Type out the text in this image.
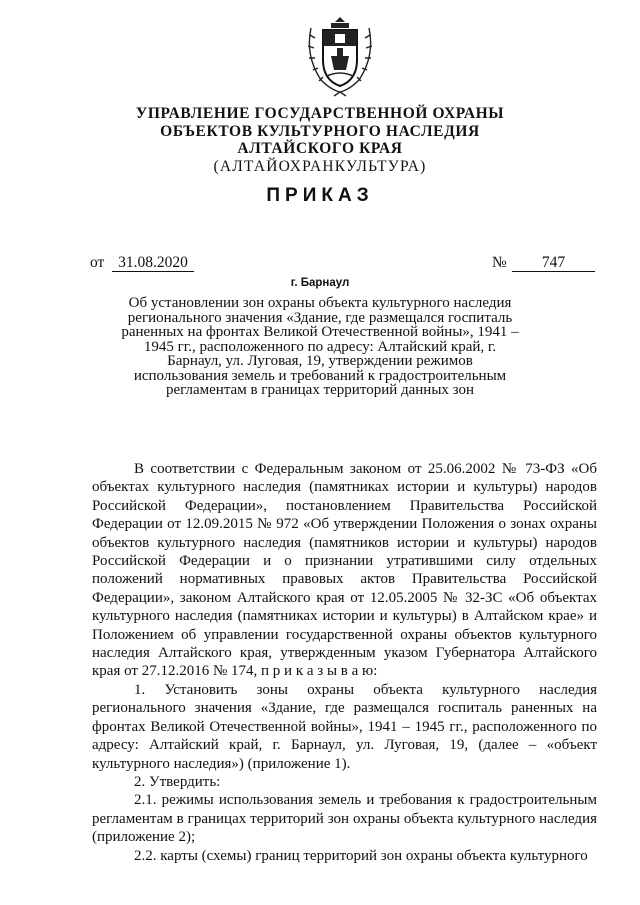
УПРАВЛЕНИЕ ГОСУДАРСТВЕННОЙ ОХРАНЫ
ОБЪЕКТОВ КУЛЬТУРНОГО НАСЛЕДИЯ
АЛТАЙСКОГО КРАЯ
(АЛТАЙОХРАНКУЛЬТУРА)
ПРИКАЗ
от 31.08.2020	№	747
г. Барнаул
Об установлении зон охраны объекта культурного наследия регионального значения «Здание, где размещался госпиталь раненных на фронтах Великой Отечественной войны», 1941 – 1945 гг., расположенного по адресу: Алтайский край, г. Барнаул, ул. Луговая, 19, утверждении режимов использования земель и требований к градостроительным регламентам в границах территорий данных зон

В соответствии с Федеральным законом от 25.06.2002 № 73-ФЗ «Об объектах культурного наследия (памятниках истории и культуры) народов Российской Федерации», постановлением Правительства Российской Федерации от 12.09.2015 № 972 «Об утверждении Положения о зонах охраны объектов культурного наследия (памятников истории и культуры) народов Российской Федерации и о признании утратившими силу отдельных положений нормативных правовых актов Правительства Российской Федерации», законом Алтайского края от 12.05.2005 № 32-ЗС «Об объектах культурного наследия (памятниках истории и культуры) в Алтайском крае» и Положением об управлении государственной охраны объектов культурного наследия Алтайского края, утвержденным указом Губернатора Алтайского края от 27.12.2016 № 174, п р и к а з ы в а ю:

1. Установить зоны охраны объекта культурного наследия регионального значения «Здание, где размещался госпиталь раненных на фронтах Великой Отечественной войны», 1941 – 1945 гг., расположенного по адресу: Алтайский край, г. Барнаул, ул. Луговая, 19, (далее – «объект культурного наследия») (приложение 1).

2. Утвердить:

2.1. режимы использования земель и требования к градостроительным регламентам в границах территорий зон охраны объекта культурного наследия (приложение 2);

2.2. карты (схемы) границ территорий зон охраны объекта культурного
